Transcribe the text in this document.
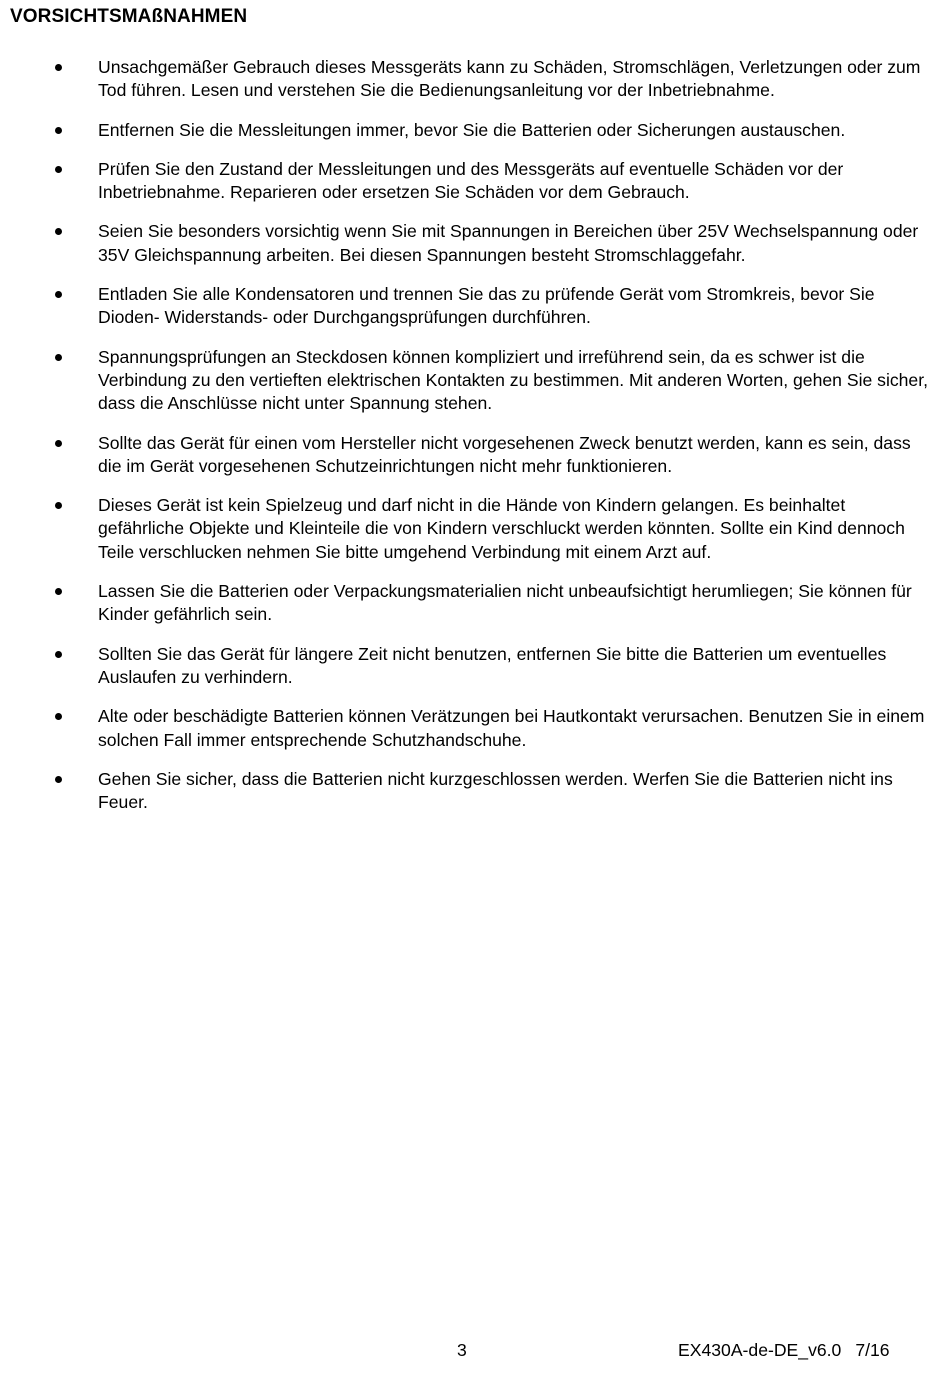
VORSICHTSMAßNAHMEN
Unsachgemäßer Gebrauch dieses Messgeräts kann zu Schäden, Stromschlägen, Verletzungen oder zum Tod führen. Lesen und verstehen Sie die Bedienungsanleitung vor der Inbetriebnahme.
Entfernen Sie die Messleitungen immer, bevor Sie die Batterien oder Sicherungen austauschen.
Prüfen Sie den Zustand der Messleitungen und des Messgeräts auf eventuelle Schäden vor der Inbetriebnahme. Reparieren oder ersetzen Sie Schäden vor dem Gebrauch.
Seien Sie besonders vorsichtig wenn Sie mit Spannungen in Bereichen über 25V Wechselspannung oder 35V Gleichspannung arbeiten. Bei diesen Spannungen besteht Stromschlaggefahr.
Entladen Sie alle Kondensatoren und trennen Sie das zu prüfende Gerät vom Stromkreis, bevor Sie Dioden- Widerstands- oder Durchgangsprüfungen durchführen.
Spannungsprüfungen an Steckdosen können kompliziert und irreführend sein, da es schwer ist die Verbindung zu den vertieften elektrischen Kontakten zu bestimmen. Mit anderen Worten, gehen Sie sicher, dass die Anschlüsse nicht unter Spannung stehen.
Sollte das Gerät für einen vom Hersteller nicht vorgesehenen Zweck benutzt werden, kann es sein, dass die im Gerät vorgesehenen Schutzeinrichtungen nicht mehr funktionieren.
Dieses Gerät ist kein Spielzeug und darf nicht in die Hände von Kindern gelangen. Es beinhaltet gefährliche Objekte und Kleinteile die von Kindern verschluckt werden könnten. Sollte ein Kind dennoch Teile verschlucken nehmen Sie bitte umgehend Verbindung mit einem Arzt auf.
Lassen Sie die Batterien oder Verpackungsmaterialien nicht unbeaufsichtigt herumliegen; Sie können für Kinder gefährlich sein.
Sollten Sie das Gerät für längere Zeit nicht benutzen, entfernen Sie bitte die Batterien um eventuelles Auslaufen zu verhindern.
Alte oder beschädigte Batterien können Verätzungen bei Hautkontakt verursachen. Benutzen Sie in einem solchen Fall immer entsprechende Schutzhandschuhe.
Gehen Sie sicher, dass die Batterien nicht kurzgeschlossen werden. Werfen Sie die Batterien nicht ins Feuer.
3	EX430A-de-DE_v6.0 7/16
